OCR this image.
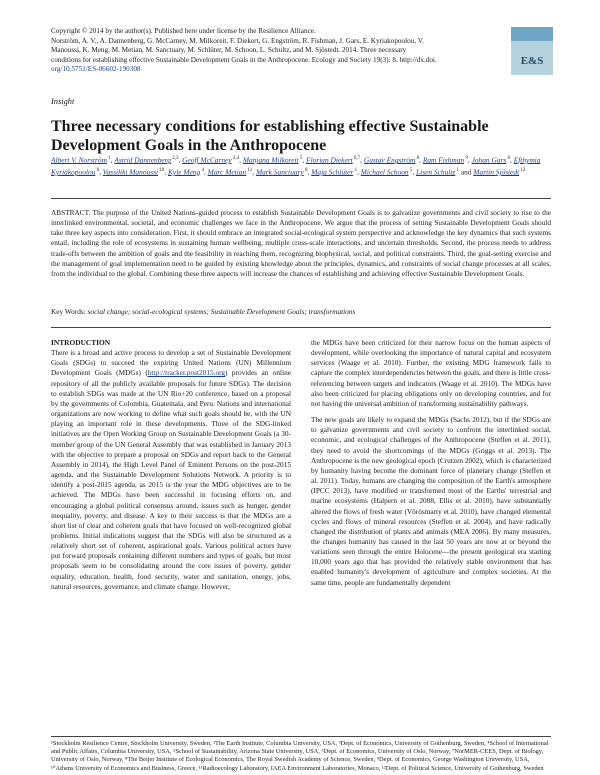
Copyright © 2014 by the author(s). Published here under license by the Resilience Alliance.
Norström, A. V., A. Dannenberg, G. McCarney, M. Milkoreit, F. Diekert, G. Engström, R. Fishman, J. Gars, E. Kyriakopoolou, V.
Manoussi, K. Meng, M. Metian, M. Sanctuary, M. Schlüter, M. Schoon, L. Schultz, and M. Sjöstedt. 2014. Three necessary
conditions for establishing effective Sustainable Development Goals in the Anthropocene. Ecology and Society 19(3): 8. http://dx.doi.
org/10.5751/ES-06602-190308
E&S
Insight
Three necessary conditions for establishing effective Sustainable Development Goals in the Anthropocene
Albert V. Norström $^1$, Astrid Dannenberg $^{2,3}$, Geoff McCarney $^{2,4}$, Manjana Milkoreit $^5$, Florian Diekert $^{6,7}$, Gustav Engström $^8$, Ram Fishman $^9$, Johan Gars $^8$, Efthymia Kyriakopoolou $^8$, Vassiliki Manoussi $^{10}$, Kyle Meng $^4$, Marc Metian $^{11}$, Mark Sanctuary $^8$, Maja Schlüter $^1$, Michael Schoon $^5$, Lisen Schultz $^1$ and Martin Sjöstedt $^{12}$
ABSTRACT. The purpose of the United Nations-guided process to establish Sustainable Development Goals is to galvanize governments and civil society to rise to the interlinked environmental, societal, and economic challenges we face in the Anthropocene. We argue that the process of setting Sustainable Development Goals should take three key aspects into consideration. First, it should embrace an integrated social-ecological system perspective and acknowledge the key dynamics that such systems entail, including the role of ecosystems in sustaining human wellbeing, multiple cross-scale interactions, and uncertain thresholds. Second, the process needs to address trade-offs between the ambition of goals and the feasibility in reaching them, recognizing biophysical, social, and political constraints. Third, the goal-setting exercise and the management of goal implementation need to be guided by existing knowledge about the principles, dynamics, and constraints of social change processes at all scales, from the individual to the global. Combining these three aspects will increase the chances of establishing and achieving effective Sustainable Development Goals.
Key Words: social change; social-ecological systems; Sustainable Development Goals; transformations
INTRODUCTION

There is a broad and active process to develop a set of Sustainable Development Goals (SDGs) to succeed the expiring United Nations (UN) Millennium Development Goals (MDGs) (http://tracker.post2015.org) provides an online repository of all the publicly available proposals for future SDGs). The decision to establish SDGs was made at the UN Rio+20 conference, based on a proposal by the governments of Colombia, Guatemala, and Peru. Nations and international organizations are now working to define what such goals should be, with the UN playing an important role in these developments. Three of the SDG-linked initiatives are the Open Working Group on Sustainable Development Goals (a 30-member group of the UN General Assembly that was established in January 2013 with the objective to prepare a proposal on SDGs and report back to the General Assembly in 2014), the High Level Panel of Eminent Persons on the post-2015 agenda, and the Sustainable Development Solutions Network. A priority is to identify a post-2015 agenda, as 2015 is the year the MDG objectives are to be achieved. The MDGs have been successful in focusing efforts on, and encouraging a global political consensus around, issues such as hunger, gender inequality, poverty, and disease. A key to their success is that the MDGs are a short list of clear and coherent goals that have focused on well-recognized global problems. Initial indications suggest that the SDGs will also be structured as a relatively short set of coherent, aspirational goals. Various political actors have put forward proposals containing different numbers and types of goals, but most proposals seem to be consolidating around the core issues of poverty, gender equality, education, health, food security, water and sanitation, energy, jobs, natural resources, governance, and climate change. However,

the MDGs have been criticized for their narrow focus on the human aspects of development, while overlooking the importance of natural capital and ecosystem services (Waage et al. 2010). Further, the existing MDG framework fails to capture the complex interdependencies between the goals, and there is little cross-referencing between targets and indicators (Waage et al. 2010). The MDGs have also been criticized for placing obligations only on developing countries, and for not having the universal ambition of transforming sustainability pathways.

The new goals are likely to expand the MDGs (Sachs 2012), but if the SDGs are to galvanize governments and civil society to confront the interlinked social, economic, and ecological challenges of the Anthropocene (Steffen et al. 2011), they need to avoid the shortcomings of the MDGs (Griggs et al. 2013). The Anthropocene is the new geological epoch (Crutzen 2002), which is characterized by humanity having become the dominant force of planetary change (Steffen et al. 2011). Today, humans are changing the composition of the Earth's atmosphere (IPCC 2013), have modified or transformed most of the Earths' terrestrial and marine ecosystems (Halpern et al. 2008, Ellis et al. 2010), have substantially altered the flows of fresh water (Vörösmarty et al. 2010), have changed elemental cycles and flows of mineral resources (Steffen et al. 2004), and have radically changed the distribution of plants and animals (MEA 2006). By many measures, the changes humanity has caused in the last 50 years are now at or beyond the variations seen through the entire Holocene—the present geological era starting 10,000 years ago that has provided the relatively stable environment that has enabled humanity's development of agriculture and complex societies. At the same time, people are fundamentally dependent

¹Stockholm Resilience Centre, Stockholm University, Sweden, ²The Earth Institute, Columbia University, USA, ³Dept. of Economics, University of Gothenburg, Sweden, ⁴School of International and Public Affairs, Columbia University, USA, ⁵School of Sustainability, Arizona State University, USA, ⁶Dept. of Economics, University of Oslo, Norway, ⁷NorMER-CEES, Dept. of Biology, University of Oslo, Norway, ⁸The Beijer Institute of Ecological Economics, The Royal Swedish Academy of Science, Sweden, ⁹Dept. of Economics, George Washington University, USA, ¹⁰Athens University of Economics and Business, Greece, ¹¹Radioecology Laboratory, IAEA Environment Laboratories, Monaco, ¹²Dept. of Political Science, University of Gothenburg, Sweden
